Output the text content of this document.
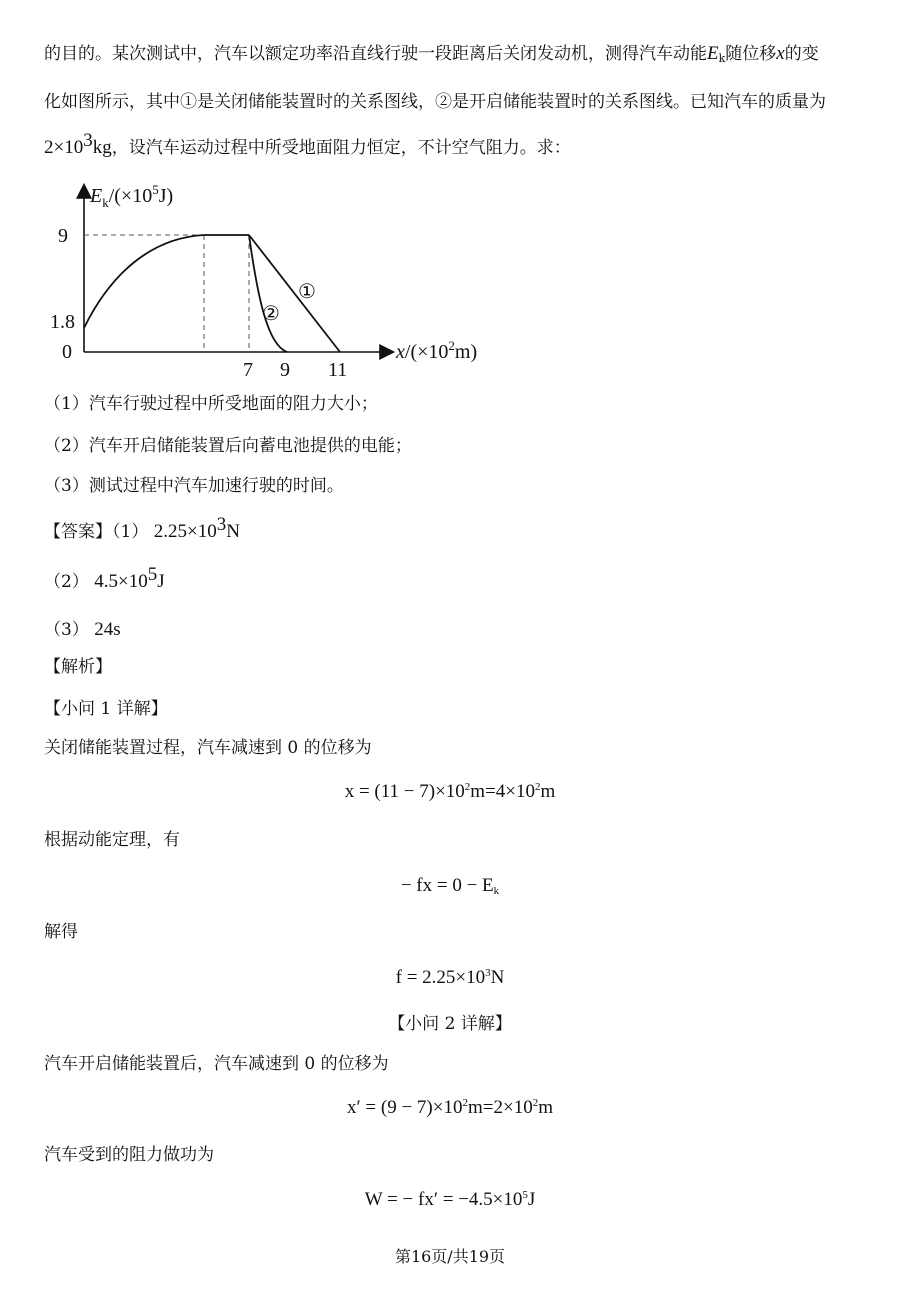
的目的。某次测试中，汽车以额定功率沿直线行驶一段距离后关闭发动机，测得汽车动能$E_k$随位移x的变
化如图所示，其中①是关闭储能装置时的关系图线，②是开启储能装置时的关系图线。已知汽车的质量为
$2\times 10^3kg$，设汽车运动过程中所受地面阻力恒定，不计空气阻力。求：
$E_k/(\times 10^5J)$
9
1.8
0
7 9 11
$x/(\times 10^2m)$
①
②
（1）汽车行驶过程中所受地面的阻力大小；
（2）汽车开启储能装置后向蓄电池提供的电能；
（3）测试过程中汽车加速行驶的时间。
【答案】（1） $2.25\times 10^3N$
（2） $4.5\times 10^5J$
（3） 24s
【解析】
【小问 1 详解】
关闭储能装置过程，汽车减速到 0 的位移为
$x = (11 - 7)\times 10^2m=4\times 10^2m$
根据动能定理，有
− fx = $0 - E_k$
解得
$f = 2.25\times 10^3N$
【小问 2 详解】
汽车开启储能装置后，汽车减速到 0 的位移为
$x' = (9 - 7)\times 10^2m=2\times 10^2m$
汽车受到的阻力做功为
W = − $fx' = -4.5\times 10^5J$
第16页/共19页
